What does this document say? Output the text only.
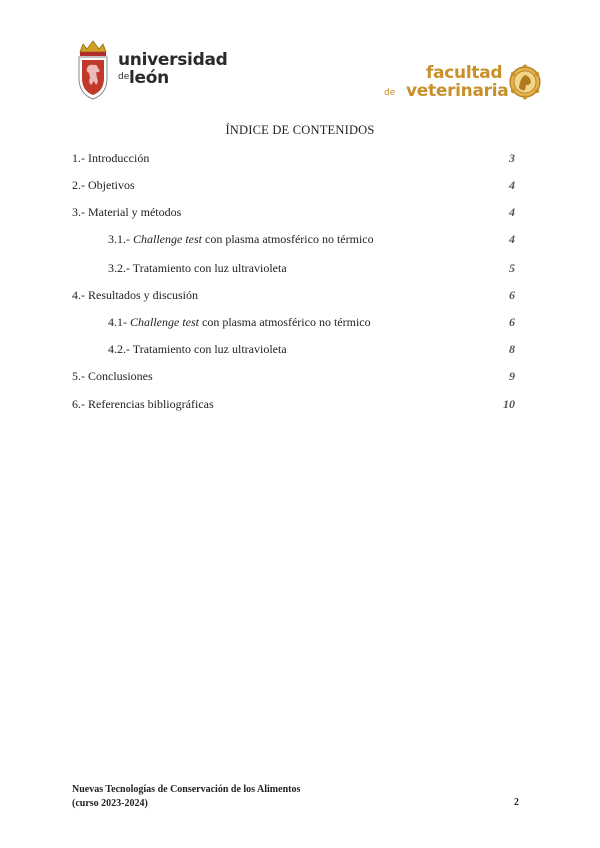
universidad
de león	facultad
de veterinaria
ÍNDICE DE CONTENIDOS
1.- Introducción	3
2.- Objetivos	4
3.- Material y métodos	4
3.1.- Challenge test con plasma atmosférico no térmico	4
3.2.- Tratamiento con luz ultravioleta	5
4.- Resultados y discusión	6
4.1- Challenge test con plasma atmosférico no térmico	6
4.2.- Tratamiento con luz ultravioleta	8
5.- Conclusiones	9
6.- Referencias bibliográficas	10
Nuevas Tecnologías de Conservación de los Alimentos
(curso 2023-2024)	2
